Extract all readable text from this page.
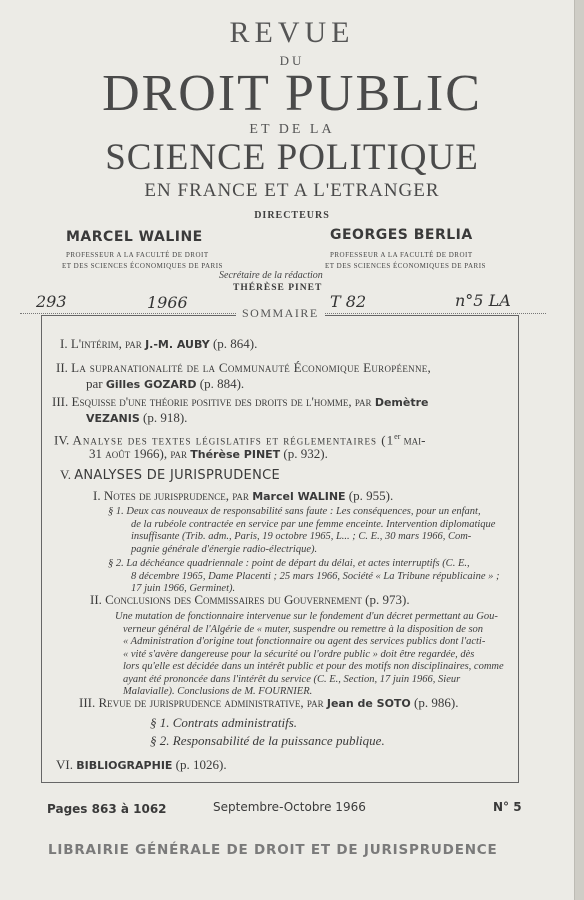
REVUE
DU
DROIT PUBLIC
ET DE LA
SCIENCE POLITIQUE
EN FRANCE ET A L'ETRANGER
DIRECTEURS
MARCEL WALINE
PROFESSEUR A LA FACULTÉ DE DROIT
ET DES SCIENCES ÉCONOMIQUES DE PARIS
GEORGES BERLIA
PROFESSEUR A LA FACULTÉ DE DROIT
ET DES SCIENCES ÉCONOMIQUES DE PARIS
Secrétaire de la rédaction
THÉRÈSE PINET
293	1966	T 82	n°5 LA
SOMMAIRE
I. L'intérim, par J.-M. AUBY (p. 864).
II. La supranationalité de la Communauté Économique Européenne,
par Gilles GOZARD (p. 884).
III. Esquisse d'une théorie positive des droits de l'homme, par Demètre
VEZANIS (p. 918).
IV. Analyse des textes législatifs et réglementaires (1er mai-
31 août 1966), par Thérèse PINET (p. 932).
V. ANALYSES DE JURISPRUDENCE
I. Notes de jurisprudence, par Marcel WALINE (p. 955).
§ 1. Deux cas nouveaux de responsabilité sans faute : Les conséquences, pour un enfant,
de la rubéole contractée en service par une femme enceinte. Intervention diplomatique
insuffisante (Trib. adm., Paris, 19 octobre 1965, L... ; C. E., 30 mars 1966, Com-
pagnie générale d'énergie radio-électrique).
§ 2. La déchéance quadriennale : point de départ du délai, et actes interruptifs (C. E.,
8 décembre 1965, Dame Placenti ; 25 mars 1966, Société « La Tribune républicaine » ;
17 juin 1966, Germinet).
II. Conclusions des Commissaires du Gouvernement (p. 973).
Une mutation de fonctionnaire intervenue sur le fondement d'un décret permettant au Gou-
verneur général de l'Algérie de « muter, suspendre ou remettre à la disposition de son
« Administration d'origine tout fonctionnaire ou agent des services publics dont l'acti-
« vité s'avère dangereuse pour la sécurité ou l'ordre public » doit être regardée, dès
lors qu'elle est décidée dans un intérêt public et pour des motifs non disciplinaires, comme
ayant été prononcée dans l'intérêt du service (C. E., Section, 17 juin 1966, Sieur
Malavialle). Conclusions de M. FOURNIER.
III. Revue de jurisprudence administrative, par Jean de SOTO (p. 986).
§ 1. Contrats administratifs.
§ 2. Responsabilité de la puissance publique.
VI. BIBLIOGRAPHIE (p. 1026).
Pages 863 à 1062	Septembre-Octobre 1966	N° 5
LIBRAIRIE GÉNÉRALE DE DROIT ET DE JURISPRUDENCE
